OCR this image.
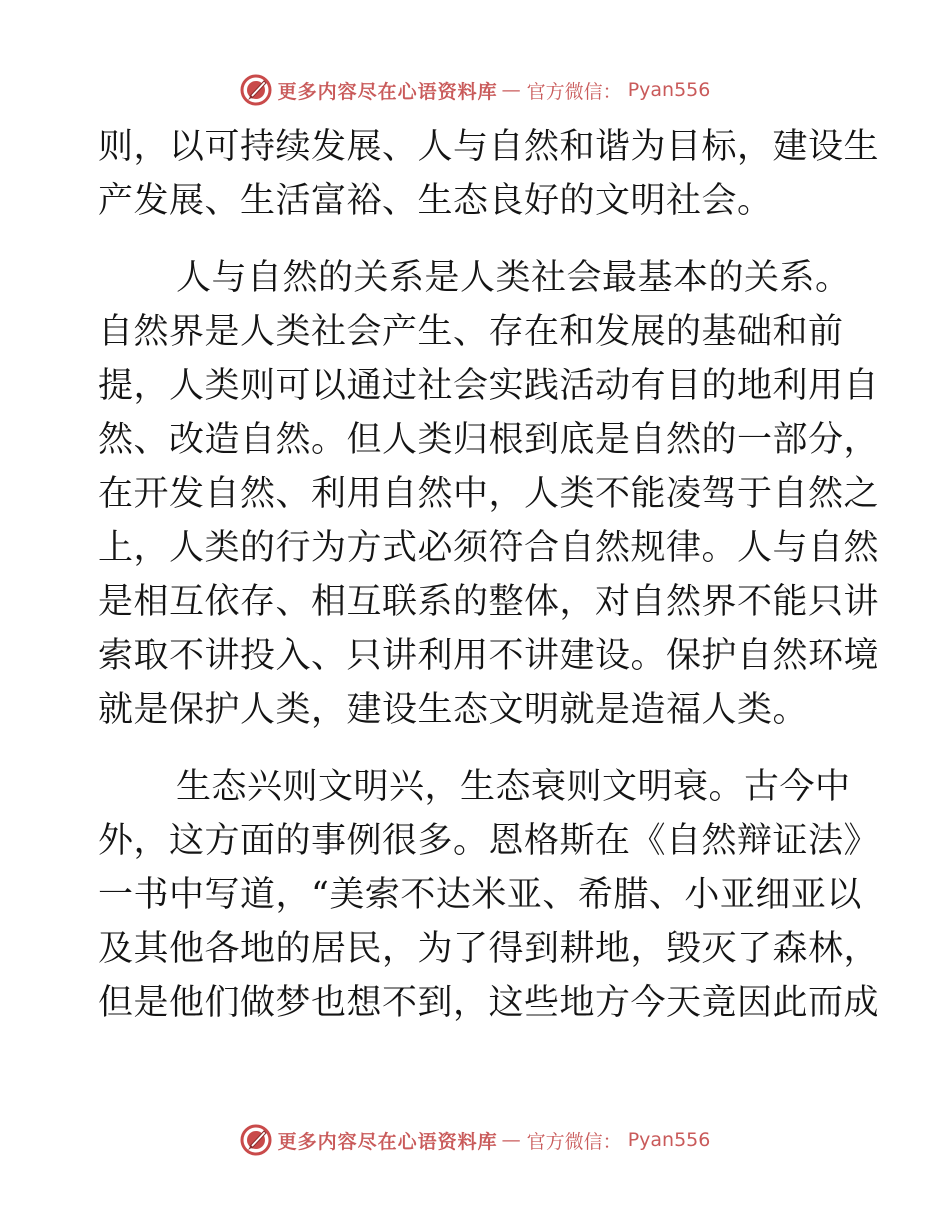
更多内容尽在心语资料库 — 官方微信： Pyan556

则，以可持续发展、人与自然和谐为目标，建设生
产发展、生活富裕、生态良好的文明社会。

人与自然的关系是人类社会最基本的关系。
自然界是人类社会产生、存在和发展的基础和前
提，人类则可以通过社会实践活动有目的地利用自
然、改造自然。但人类归根到底是自然的一部分，
在开发自然、利用自然中，人类不能凌驾于自然之
上，人类的行为方式必须符合自然规律。人与自然
是相互依存、相互联系的整体，对自然界不能只讲
索取不讲投入、只讲利用不讲建设。保护自然环境
就是保护人类，建设生态文明就是造福人类。

生态兴则文明兴，生态衰则文明衰。古今中
外，这方面的事例很多。恩格斯在《自然辩证法》
一书中写道，“美索不达米亚、希腊、小亚细亚以
及其他各地的居民，为了得到耕地，毁灭了森林，
但是他们做梦也想不到，这些地方今天竟因此而成

更多内容尽在心语资料库 — 官方微信： Pyan556
